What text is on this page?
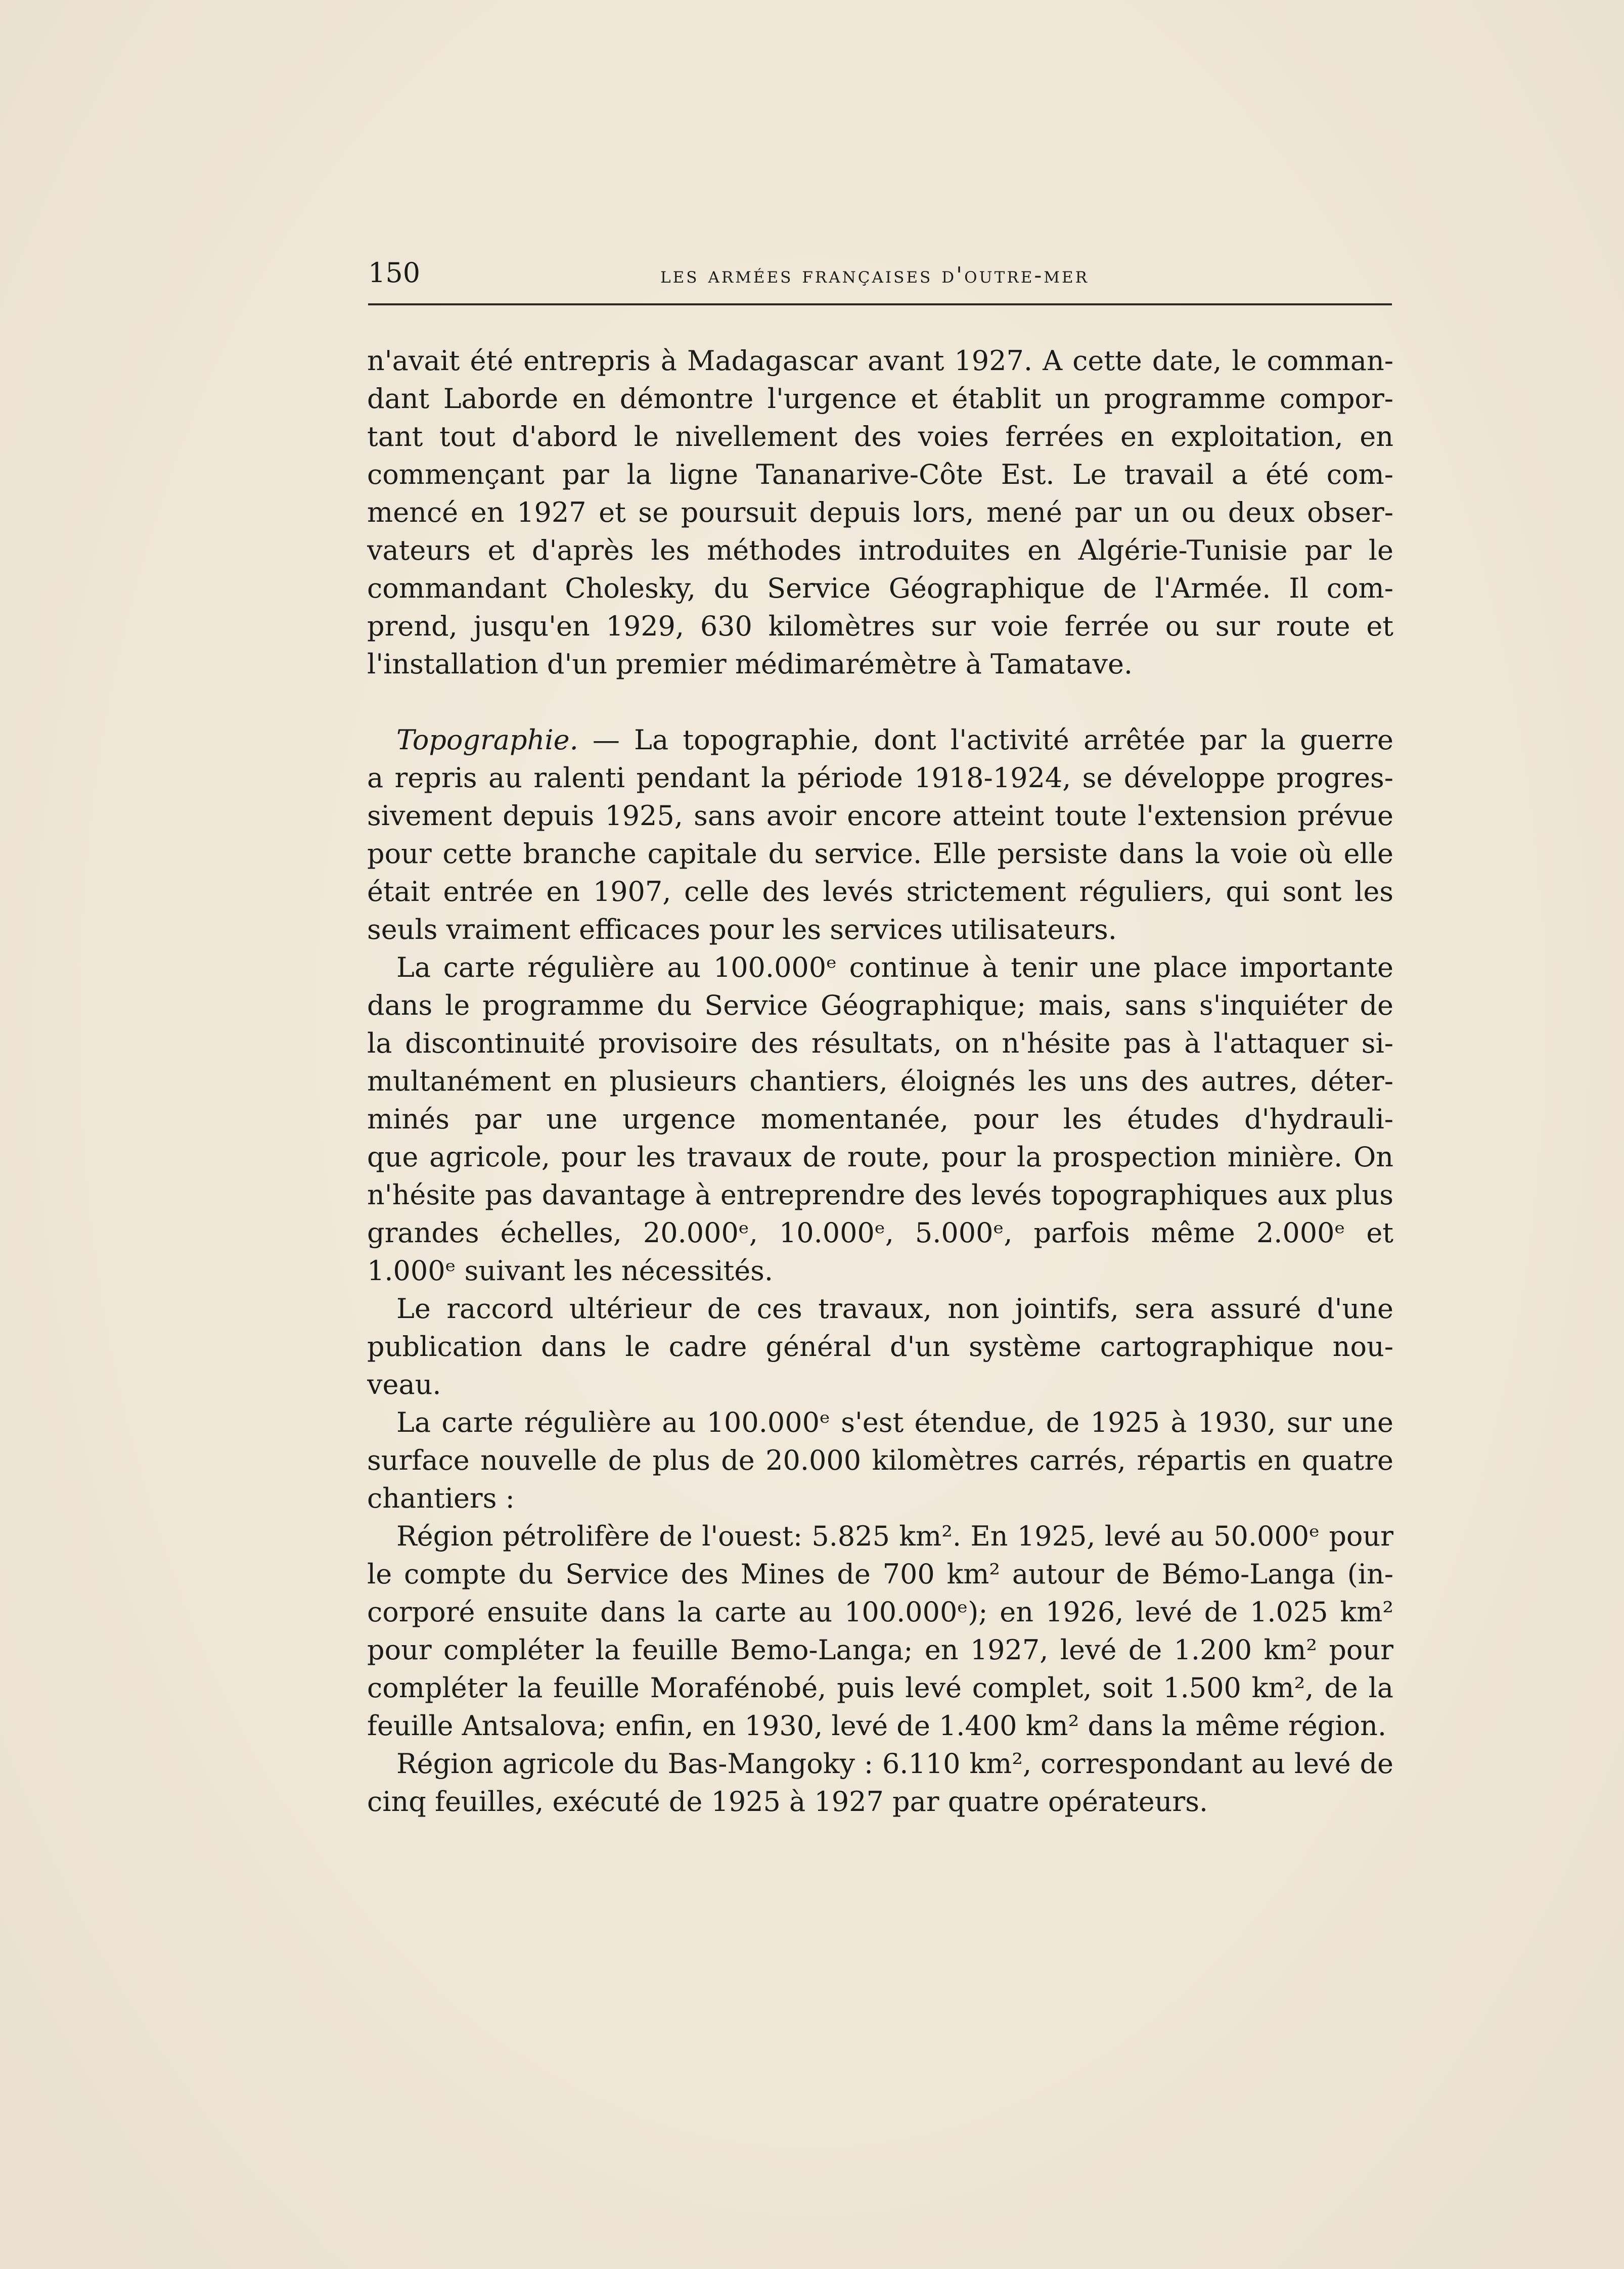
150	les armées françaises d'outre-mer
n'avait été entrepris à Madagascar avant 1927. A cette date, le comman-
dant Laborde en démontre l'urgence et établit un programme compor-
tant tout d'abord le nivellement des voies ferrées en exploitation, en
commençant par la ligne Tananarive-Côte Est. Le travail a été com-
mencé en 1927 et se poursuit depuis lors, mené par un ou deux obser-
vateurs et d'après les méthodes introduites en Algérie-Tunisie par le
commandant Cholesky, du Service Géographique de l'Armée. Il com-
prend, jusqu'en 1929, 630 kilomètres sur voie ferrée ou sur route et
l'installation d'un premier médimarémètre à Tamatave.
Topographie. — La topographie, dont l'activité arrêtée par la guerre
a repris au ralenti pendant la période 1918-1924, se développe progres-
sivement depuis 1925, sans avoir encore atteint toute l'extension prévue
pour cette branche capitale du service. Elle persiste dans la voie où elle
était entrée en 1907, celle des levés strictement réguliers, qui sont les
seuls vraiment efficaces pour les services utilisateurs.
La carte régulière au 100.000ᵉ continue à tenir une place importante
dans le programme du Service Géographique; mais, sans s'inquiéter de
la discontinuité provisoire des résultats, on n'hésite pas à l'attaquer si-
multanément en plusieurs chantiers, éloignés les uns des autres, déter-
minés par une urgence momentanée, pour les études d'hydrauli-
que agricole, pour les travaux de route, pour la prospection minière. On
n'hésite pas davantage à entreprendre des levés topographiques aux plus
grandes échelles, 20.000ᵉ, 10.000ᵉ, 5.000ᵉ, parfois même 2.000ᵉ et
1.000ᵉ suivant les nécessités.
Le raccord ultérieur de ces travaux, non jointifs, sera assuré d'une
publication dans le cadre général d'un système cartographique nou-
veau.
La carte régulière au 100.000ᵉ s'est étendue, de 1925 à 1930, sur une
surface nouvelle de plus de 20.000 kilomètres carrés, répartis en quatre
chantiers :
Région pétrolifère de l'ouest: 5.825 km². En 1925, levé au 50.000ᵉ pour
le compte du Service des Mines de 700 km² autour de Bémo-Langa (in-
corporé ensuite dans la carte au 100.000ᵉ); en 1926, levé de 1.025 km²
pour compléter la feuille Bemo-Langa; en 1927, levé de 1.200 km² pour
compléter la feuille Morafénobé, puis levé complet, soit 1.500 km², de la
feuille Antsalova; enfin, en 1930, levé de 1.400 km² dans la même région.
Région agricole du Bas-Mangoky : 6.110 km², correspondant au levé de
cinq feuilles, exécuté de 1925 à 1927 par quatre opérateurs.
